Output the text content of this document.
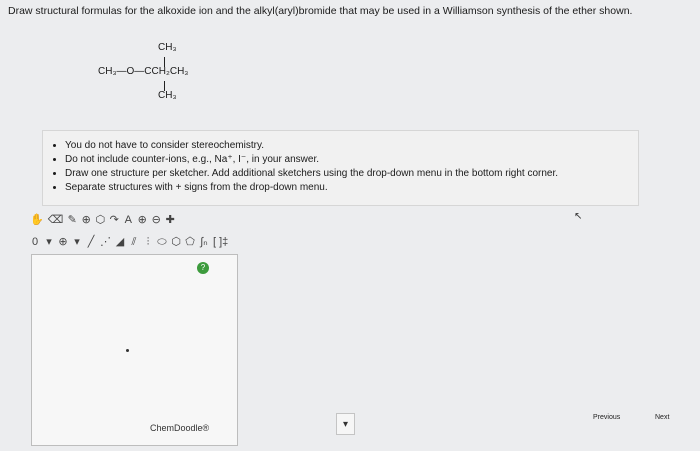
Draw structural formulas for the alkoxide ion and the alkyl(aryl)bromide that may be used in a Williamson synthesis of the ether shown.
CH₃
CH₃—O—CCH₂CH₃
CH₃
• You do not have to consider stereochemistry.
• Do not include counter-ions, e.g., Na⁺, I⁻, in your answer.
• Draw one structure per sketcher. Add additional sketchers using the drop-down menu in the bottom right corner.
• Separate structures with + signs from the drop-down menu.
✋ ⌫ ✎ ⊕ ⬡ ↷ A ⊕ ⊖ ✚
0 ▾ ⊕ ▾ ╱ ⋰ ◢ ⫽ ⫶ ⬭ ⬡ ⬠ ∫ₙ [ ]‡
?
ChemDoodle®
↖
▾
Previous	Next
